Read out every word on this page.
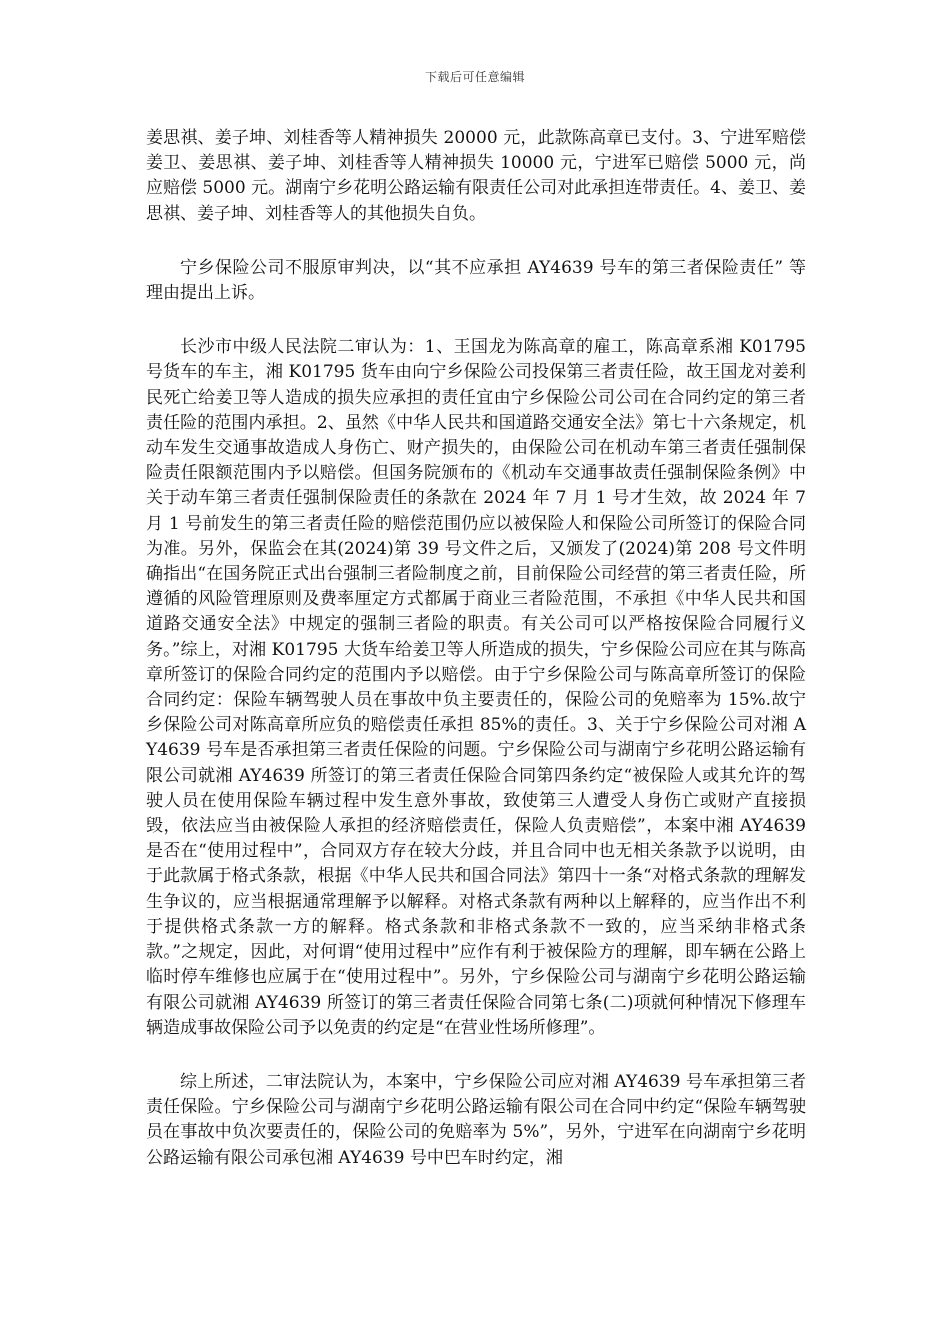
下载后可任意编辑

姜思祺、姜子坤、刘桂香等人精神损失 20000 元，此款陈高章已支付。3、宁进军赔偿姜卫、姜思祺、姜子坤、刘桂香等人精神损失 10000 元，宁进军已赔偿 5000 元，尚应赔偿 5000 元。湖南宁乡花明公路运输有限责任公司对此承担连带责任。4、姜卫、姜思祺、姜子坤、刘桂香等人的其他损失自负。

宁乡保险公司不服原审判决，以“其不应承担 AY4639 号车的第三者保险责任” 等理由提出上诉。

长沙市中级人民法院二审认为：1、王国龙为陈高章的雇工，陈高章系湘 K01795 号货车的车主，湘 K01795 货车由向宁乡保险公司投保第三者责任险，故王国龙对姜利民死亡给姜卫等人造成的损失应承担的责任宜由宁乡保险公司公司在合同约定的第三者责任险的范围内承担。2、虽然《中华人民共和国道路交通安全法》第七十六条规定，机动车发生交通事故造成人身伤亡、财产损失的，由保险公司在机动车第三者责任强制保险责任限额范围内予以赔偿。但国务院颁布的《机动车交通事故责任强制保险条例》中关于动车第三者责任强制保险责任的条款在 2024 年 7 月 1 号才生效，故 2024 年 7 月 1 号前发生的第三者责任险的赔偿范围仍应以被保险人和保险公司所签订的保险合同为准。另外，保监会在其(2024)第 39 号文件之后，又颁发了(2024)第 208 号文件明确指出“在国务院正式出台强制三者险制度之前，目前保险公司经营的第三者责任险，所遵循的风险管理原则及费率厘定方式都属于商业三者险范围，不承担《中华人民共和国道路交通安全法》中规定的强制三者险的职责。有关公司可以严格按保险合同履行义务。”综上，对湘 K01795 大货车给姜卫等人所造成的损失，宁乡保险公司应在其与陈高章所签订的保险合同约定的范围内予以赔偿。由于宁乡保险公司与陈高章所签订的保险合同约定：保险车辆驾驶人员在事故中负主要责任的，保险公司的免赔率为 15%.故宁乡保险公司对陈高章所应负的赔偿责任承担 85%的责任。3、关于宁乡保险公司对湘 AY4639 号车是否承担第三者责任保险的问题。宁乡保险公司与湖南宁乡花明公路运输有限公司就湘 AY4639 所签订的第三者责任保险合同第四条约定“被保险人或其允许的驾驶人员在使用保险车辆过程中发生意外事故，致使第三人遭受人身伤亡或财产直接损毁，依法应当由被保险人承担的经济赔偿责任，保险人负责赔偿”，本案中湘 AY4639 是否在“使用过程中”，合同双方存在较大分歧，并且合同中也无相关条款予以说明，由于此款属于格式条款，根据《中华人民共和国合同法》第四十一条“对格式条款的理解发生争议的，应当根据通常理解予以解释。对格式条款有两种以上解释的，应当作出不利于提供格式条款一方的解释。格式条款和非格式条款不一致的，应当采纳非格式条款。”之规定，因此，对何谓“使用过程中”应作有利于被保险方的理解，即车辆在公路上临时停车维修也应属于在“使用过程中”。另外，宁乡保险公司与湖南宁乡花明公路运输有限公司就湘 AY4639 所签订的第三者责任保险合同第七条(二)项就何种情况下修理车辆造成事故保险公司予以免责的约定是“在营业性场所修理”。

综上所述，二审法院认为，本案中，宁乡保险公司应对湘 AY4639 号车承担第三者责任保险。宁乡保险公司与湖南宁乡花明公路运输有限公司在合同中约定“保险车辆驾驶员在事故中负次要责任的，保险公司的免赔率为 5%”，另外，宁进军在向湖南宁乡花明公路运输有限公司承包湘 AY4639 号中巴车时约定，湘
